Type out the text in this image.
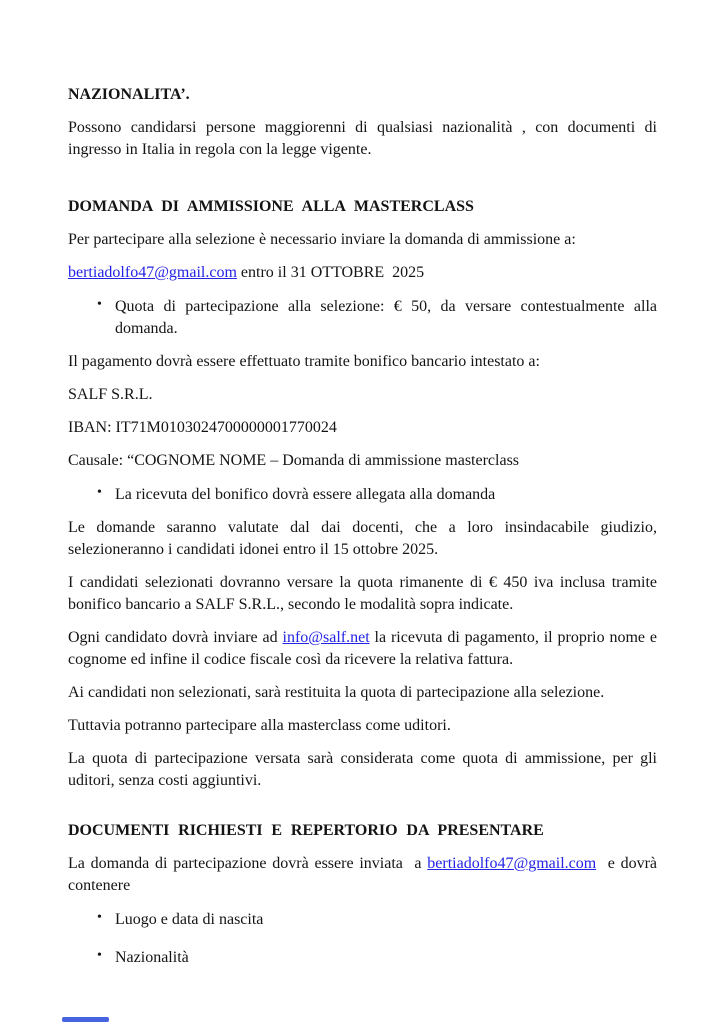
NAZIONALITA’.

Possono candidarsi persone maggiorenni di qualsiasi nazionalità , con documenti di ingresso in Italia in regola con la legge vigente.

DOMANDA DI AMMISSIONE ALLA MASTERCLASS

Per partecipare alla selezione è necessario inviare la domanda di ammissione a:

bertiadolfo47@gmail.com entro il 31 OTTOBRE  2025

• Quota di partecipazione alla selezione: € 50, da versare contestualmente alla domanda.

Il pagamento dovrà essere effettuato tramite bonifico bancario intestato a:

SALF S.R.L.

IBAN: IT71M0103024700000001770024

Causale: “COGNOME NOME – Domanda di ammissione masterclass

• La ricevuta del bonifico dovrà essere allegata alla domanda

Le domande saranno valutate dal dai docenti, che a loro insindacabile giudizio, selezioneranno i candidati idonei entro il 15 ottobre 2025.

I candidati selezionati dovranno versare la quota rimanente di € 450 iva inclusa tramite bonifico bancario a SALF S.R.L., secondo le modalità sopra indicate.

Ogni candidato dovrà inviare ad info@salf.net la ricevuta di pagamento, il proprio nome e cognome ed infine il codice fiscale così da ricevere la relativa fattura.

Ai candidati non selezionati, sarà restituita la quota di partecipazione alla selezione.

Tuttavia potranno partecipare alla masterclass come uditori.

La quota di partecipazione versata sarà considerata come quota di ammissione, per gli uditori, senza costi aggiuntivi.

DOCUMENTI RICHIESTI E REPERTORIO DA PRESENTARE

La domanda di partecipazione dovrà essere inviata  a bertiadolfo47@gmail.com  e dovrà contenere

• Luogo e data di nascita
• Nazionalità
